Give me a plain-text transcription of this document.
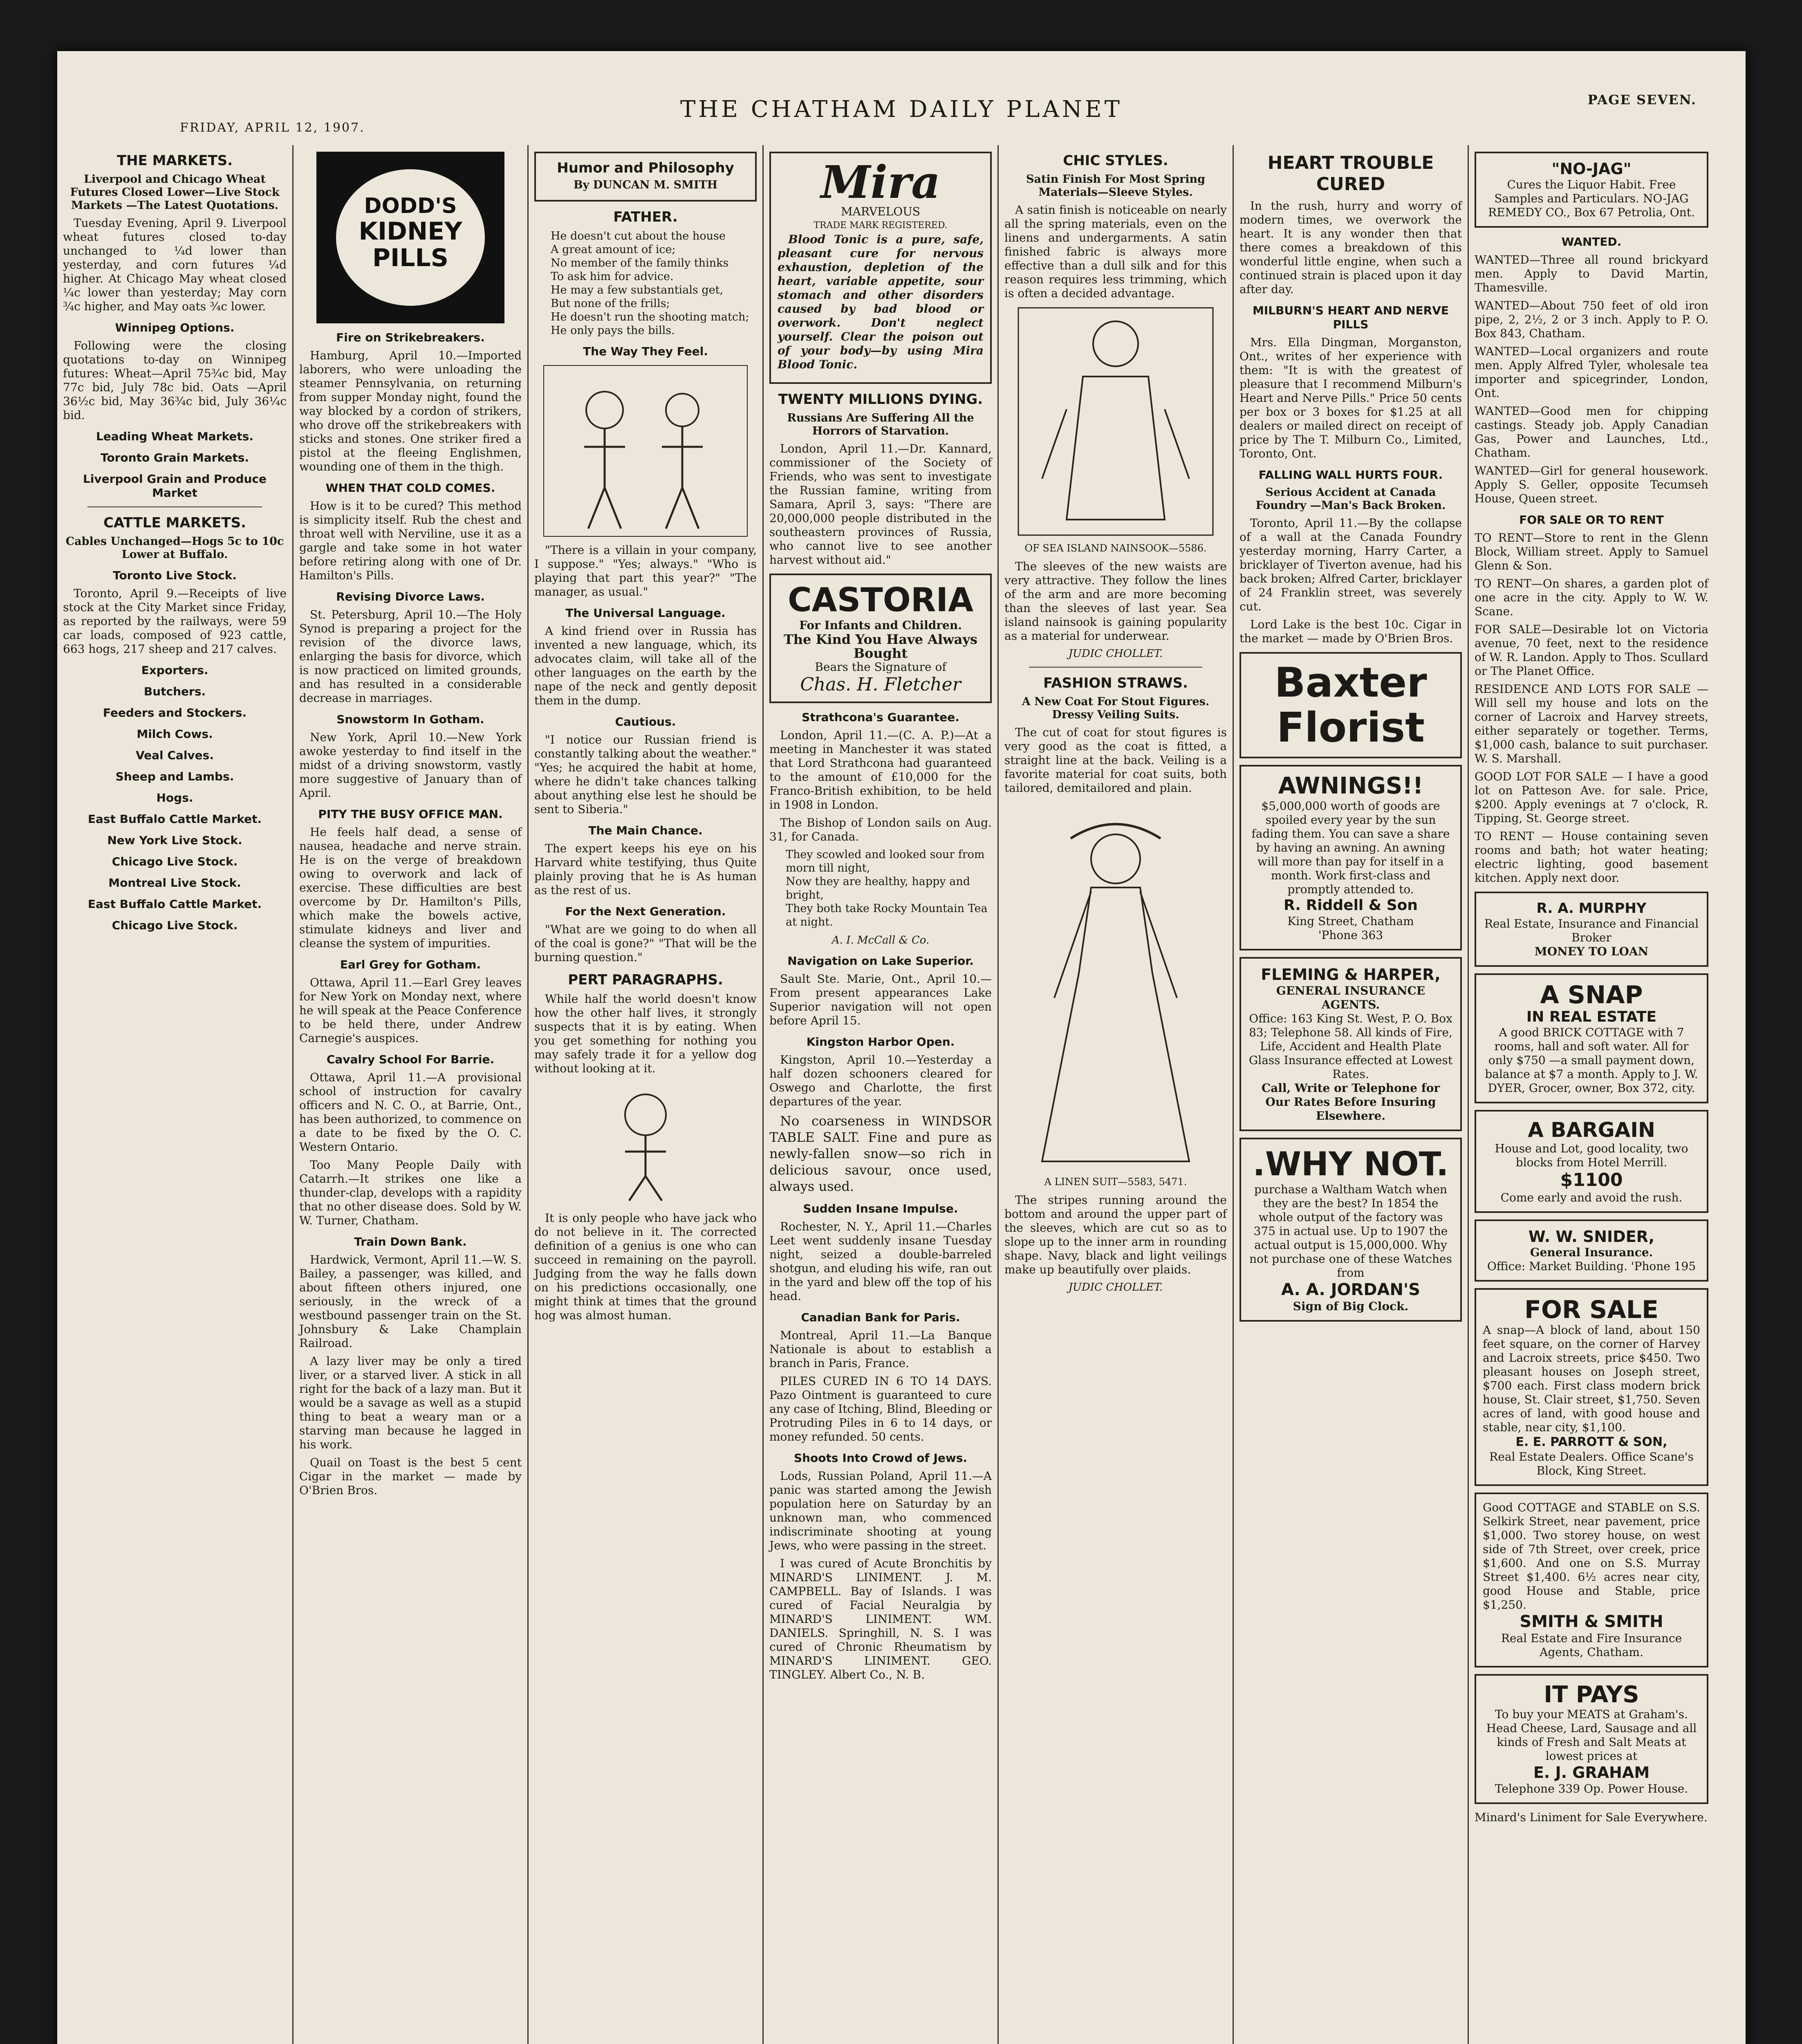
THE CHATHAM DAILY PLANET
FRIDAY, APRIL 12, 1907.
PAGE SEVEN.
THE MARKETS.
Liverpool and Chicago Wheat Futures Closed Lower—Live Stock Markets —The Latest Quotations.

Tuesday Evening, April 9. Liverpool wheat futures closed to-day unchanged to ¼d lower than yesterday, and corn futures ¼d higher. At Chicago May wheat closed ¼c lower than yesterday; May corn ¾c higher, and May oats ¾c lower.

Winnipeg Options.

Following were the closing quotations to-day on Winnipeg futures: Wheat—April 75¾c bid, May 77c bid, July 78c bid. Oats —April 36½c bid, May 36¾c bid, July 36¼c bid.

Leading Wheat Markets.
Toronto Grain Markets.
Liverpool Grain and Produce Market
CATTLE MARKETS.
Cables Unchanged—Hogs 5c to 10c Lower at Buffalo.
Toronto Live Stock.

Toronto, April 9.—Receipts of live stock at the City Market since Friday, as reported by the railways, were 59 car loads, composed of 923 cattle, 663 hogs, 217 sheep and 217 calves.

Exporters.
Butchers.
Feeders and Stockers.
Milch Cows.
Veal Calves.
Sheep and Lambs.
Hogs.
East Buffalo Cattle Market.
New York Live Stock.
Chicago Live Stock.
Montreal Live Stock.
East Buffalo Cattle Market.
Chicago Live Stock.
DODD'S
KIDNEY
PILLS
Fire on Strikebreakers.

Hamburg, April 10.—Imported laborers, who were unloading the steamer Pennsylvania, on returning from supper Monday night, found the way blocked by a cordon of strikers, who drove off the strikebreakers with sticks and stones. One striker fired a pistol at the fleeing Englishmen, wounding one of them in the thigh.

WHEN THAT COLD COMES.

How is it to be cured? This method is simplicity itself. Rub the chest and throat well with Nerviline, use it as a gargle and take some in hot water before retiring along with one of Dr. Hamilton's Pills.

Revising Divorce Laws.

St. Petersburg, April 10.—The Holy Synod is preparing a project for the revision of the divorce laws, enlarging the basis for divorce, which is now practiced on limited grounds, and has resulted in a considerable decrease in marriages.

Snowstorm In Gotham.

New York, April 10.—New York awoke yesterday to find itself in the midst of a driving snowstorm, vastly more suggestive of January than of April.

PITY THE BUSY OFFICE MAN.

He feels half dead, a sense of nausea, headache and nerve strain. He is on the verge of breakdown owing to overwork and lack of exercise. These difficulties are best overcome by Dr. Hamilton's Pills, which make the bowels active, stimulate kidneys and liver and cleanse the system of impurities.

Earl Grey for Gotham.

Ottawa, April 11.—Earl Grey leaves for New York on Monday next, where he will speak at the Peace Conference to be held there, under Andrew Carnegie's auspices.

Cavalry School For Barrie.

Ottawa, April 11.—A provisional school of instruction for cavalry officers and N. C. O., at Barrie, Ont., has been authorized, to commence on a date to be fixed by the O. C. Western Ontario.

Too Many People Daily with Catarrh.—It strikes one like a thunder-clap, develops with a rapidity that no other disease does. Sold by W. W. Turner, Chatham.

Train Down Bank.

Hardwick, Vermont, April 11.—W. S. Bailey, a passenger, was killed, and about fifteen others injured, one seriously, in the wreck of a westbound passenger train on the St. Johnsbury & Lake Champlain Railroad.

A lazy liver may be only a tired liver, or a starved liver. A stick in all right for the back of a lazy man. But it would be a savage as well as a stupid thing to beat a weary man or a starving man because he lagged in his work.

Quail on Toast is the best 5 cent Cigar in the market — made by O'Brien Bros.

Humor and Philosophy
By DUNCAN M. SMITH
FATHER.
He doesn't cut about the house
A great amount of ice;
No member of the family thinks
To ask him for advice.
He may a few substantials get,
But none of the frills;
He doesn't run the shooting match;
He only pays the bills.
The Way They Feel.

"There is a villain in your company, I suppose." "Yes; always." "Who is playing that part this year?" "The manager, as usual."

The Universal Language.

A kind friend over in Russia has invented a new language, which, its advocates claim, will take all of the other languages on the earth by the nape of the neck and gently deposit them in the dump.

Cautious.

"I notice our Russian friend is constantly talking about the weather." "Yes; he acquired the habit at home, where he didn't take chances talking about anything else lest he should be sent to Siberia."

The Main Chance.

The expert keeps his eye on his Harvard white testifying, thus Quite plainly proving that he is As human as the rest of us.

For the Next Generation.

"What are we going to do when all of the coal is gone?" "That will be the burning question."

PERT PARAGRAPHS.

While half the world doesn't know how the other half lives, it strongly suspects that it is by eating. When you get something for nothing you may safely trade it for a yellow dog without looking at it.

It is only people who have jack who do not believe in it. The corrected definition of a genius is one who can succeed in remaining on the payroll. Judging from the way he falls down on his predictions occasionally, one might think at times that the ground hog was almost human.

Mira
MARVELOUS
TRADE MARK REGISTERED.

Blood Tonic is a pure, safe, pleasant cure for nervous exhaustion, depletion of the heart, variable appetite, sour stomach and other disorders caused by bad blood or overwork. Don't neglect yourself. Clear the poison out of your body—by using Mira Blood Tonic.

TWENTY MILLIONS DYING.
Russians Are Suffering All the Horrors of Starvation.

London, April 11.—Dr. Kannard, commissioner of the Society of Friends, who was sent to investigate the Russian famine, writing from Samara, April 3, says: "There are 20,000,000 people distributed in the southeastern provinces of Russia, who cannot live to see another harvest without aid."

CASTORIA
For Infants and Children.
The Kind You Have Always Bought
Bears the Signature of
Chas. H. Fletcher
Strathcona's Guarantee.

London, April 11.—(C. A. P.)—At a meeting in Manchester it was stated that Lord Strathcona had guaranteed to the amount of £10,000 for the Franco-British exhibition, to be held in 1908 in London.

The Bishop of London sails on Aug. 31, for Canada.

They scowled and looked sour from morn till night,
Now they are healthy, happy and bright,
They both take Rocky Mountain Tea at night.
A. I. McCall & Co.
Navigation on Lake Superior.

Sault Ste. Marie, Ont., April 10.—From present appearances Lake Superior navigation will not open before April 15.

Kingston Harbor Open.

Kingston, April 10.—Yesterday a half dozen schooners cleared for Oswego and Charlotte, the first departures of the year.

No coarseness in WINDSOR TABLE SALT. Fine and pure as newly-fallen snow—so rich in delicious savour, once used, always used.

Sudden Insane Impulse.

Rochester, N. Y., April 11.—Charles Leet went suddenly insane Tuesday night, seized a double-barreled shotgun, and eluding his wife, ran out in the yard and blew off the top of his head.

Canadian Bank for Paris.

Montreal, April 11.—La Banque Nationale is about to establish a branch in Paris, France.

PILES CURED IN 6 TO 14 DAYS. Pazo Ointment is guaranteed to cure any case of Itching, Blind, Bleeding or Protruding Piles in 6 to 14 days, or money refunded. 50 cents.

Shoots Into Crowd of Jews.

Lods, Russian Poland, April 11.—A panic was started among the Jewish population here on Saturday by an unknown man, who commenced indiscriminate shooting at young Jews, who were passing in the street.

I was cured of Acute Bronchitis by MINARD'S LINIMENT. J. M. CAMPBELL. Bay of Islands. I was cured of Facial Neuralgia by MINARD'S LINIMENT. WM. DANIELS. Springhill, N. S. I was cured of Chronic Rheumatism by MINARD'S LINIMENT. GEO. TINGLEY. Albert Co., N. B.

CHIC STYLES.
Satin Finish For Most Spring Materials—Sleeve Styles.

A satin finish is noticeable on nearly all the spring materials, even on the linens and undergarments. A satin finished fabric is always more effective than a dull silk and for this reason requires less trimming, which is often a decided advantage.

OF SEA ISLAND NAINSOOK—5586.

The sleeves of the new waists are very attractive. They follow the lines of the arm and are more becoming than the sleeves of last year. Sea island nainsook is gaining popularity as a material for underwear.

JUDIC CHOLLET.
FASHION STRAWS.
A New Coat For Stout Figures. Dressy Veiling Suits.

The cut of coat for stout figures is very good as the coat is fitted, a straight line at the back. Veiling is a favorite material for coat suits, both tailored, demitailored and plain.

A LINEN SUIT—5583, 5471.

The stripes running around the bottom and around the upper part of the sleeves, which are cut so as to slope up to the inner arm in rounding shape. Navy, black and light veilings make up beautifully over plaids.

JUDIC CHOLLET.
HEART TROUBLE CURED

In the rush, hurry and worry of modern times, we overwork the heart. It is any wonder then that there comes a breakdown of this wonderful little engine, when such a continued strain is placed upon it day after day.

MILBURN'S HEART AND NERVE PILLS

Mrs. Ella Dingman, Morganston, Ont., writes of her experience with them: "It is with the greatest of pleasure that I recommend Milburn's Heart and Nerve Pills." Price 50 cents per box or 3 boxes for $1.25 at all dealers or mailed direct on receipt of price by The T. Milburn Co., Limited, Toronto, Ont.

FALLING WALL HURTS FOUR.
Serious Accident at Canada Foundry —Man's Back Broken.

Toronto, April 11.—By the collapse of a wall at the Canada Foundry yesterday morning, Harry Carter, a bricklayer of Tiverton avenue, had his back broken; Alfred Carter, bricklayer of 24 Franklin street, was severely cut.

Lord Lake is the best 10c. Cigar in the market — made by O'Brien Bros.

Baxter
Florist
AWNINGS!!
$5,000,000 worth of goods are spoiled every year by the sun fading them. You can save a share by having an awning. An awning will more than pay for itself in a month. Work first-class and promptly attended to.
R. Riddell & Son
King Street, Chatham
'Phone 363
FLEMING & HARPER,
GENERAL INSURANCE AGENTS.
Office: 163 King St. West, P. O. Box 83; Telephone 58. All kinds of Fire, Life, Accident and Health Plate Glass Insurance effected at Lowest Rates.
Call, Write or Telephone for Our Rates Before Insuring Elsewhere.
.WHY NOT.
purchase a Waltham Watch when they are the best? In 1854 the whole output of the factory was 375 in actual use. Up to 1907 the actual output is 15,000,000. Why not purchase one of these Watches from
A. A. JORDAN'S
Sign of Big Clock.
"NO-JAG"
Cures the Liquor Habit. Free Samples and Particulars. NO-JAG REMEDY CO., Box 67 Petrolia, Ont.
WANTED.

WANTED—Three all round brickyard men. Apply to David Martin, Thamesville.

WANTED—About 750 feet of old iron pipe, 2, 2½, 2 or 3 inch. Apply to P. O. Box 843, Chatham.

WANTED—Local organizers and route men. Apply Alfred Tyler, wholesale tea importer and spicegrinder, London, Ont.

WANTED—Good men for chipping castings. Steady job. Apply Canadian Gas, Power and Launches, Ltd., Chatham.

WANTED—Girl for general housework. Apply S. Geller, opposite Tecumseh House, Queen street.

FOR SALE OR TO RENT

TO RENT—Store to rent in the Glenn Block, William street. Apply to Samuel Glenn & Son.

TO RENT—On shares, a garden plot of one acre in the city. Apply to W. W. Scane.

FOR SALE—Desirable lot on Victoria avenue, 70 feet, next to the residence of W. R. Landon. Apply to Thos. Scullard or The Planet Office.

RESIDENCE AND LOTS FOR SALE —Will sell my house and lots on the corner of Lacroix and Harvey streets, either separately or together. Terms, $1,000 cash, balance to suit purchaser. W. S. Marshall.

GOOD LOT FOR SALE — I have a good lot on Patteson Ave. for sale. Price, $200. Apply evenings at 7 o'clock, R. Tipping, St. George street.

TO RENT — House containing seven rooms and bath; hot water heating; electric lighting, good basement kitchen. Apply next door.

R. A. MURPHY
Real Estate, Insurance and Financial Broker
MONEY TO LOAN
A SNAP
IN REAL ESTATE
A good BRICK COTTAGE with 7 rooms, hall and soft water. All for only $750 —a small payment down, balance at $7 a month. Apply to J. W. DYER, Grocer, owner, Box 372, city.
A BARGAIN
House and Lot, good locality, two blocks from Hotel Merrill.
$1100
Come early and avoid the rush.
W. W. SNIDER,
General Insurance.
Office: Market Building. 'Phone 195
FOR SALE
A snap—A block of land, about 150 feet square, on the corner of Harvey and Lacroix streets, price $450. Two pleasant houses on Joseph street, $700 each. First class modern brick house, St. Clair street, $1,750. Seven acres of land, with good house and stable, near city, $1,100.
E. E. PARROTT & SON,
Real Estate Dealers. Office Scane's Block, King Street.
Good COTTAGE and STABLE on S.S. Selkirk Street, near pavement, price $1,000. Two storey house, on west side of 7th Street, over creek, price $1,600. And one on S.S. Murray Street $1,400. 6½ acres near city, good House and Stable, price $1,250.
SMITH & SMITH
Real Estate and Fire Insurance Agents, Chatham.
IT PAYS
To buy your MEATS at Graham's. Head Cheese, Lard, Sausage and all kinds of Fresh and Salt Meats at lowest prices at
E. J. GRAHAM
Telephone 339 Op. Power House.

Minard's Liniment for Sale Everywhere.
